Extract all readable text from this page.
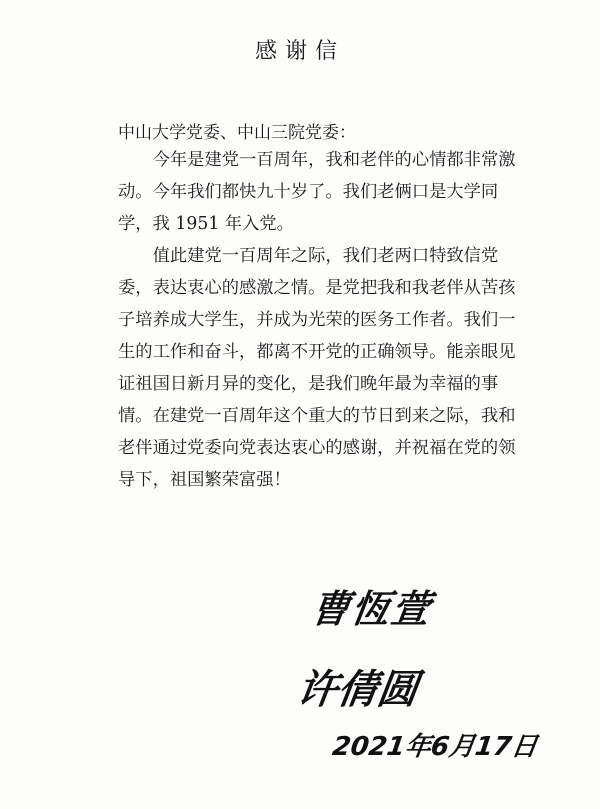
感谢信
中山大学党委、中山三院党委：

今年是建党一百周年，我和老伴的心情都非常激动。今年我们都快九十岁了。我们老俩口是大学同学，我 1951 年入党。

值此建党一百周年之际，我们老两口特致信党委，表达衷心的感激之情。是党把我和我老伴从苦孩子培养成大学生，并成为光荣的医务工作者。我们一生的工作和奋斗，都离不开党的正确领导。能亲眼见证祖国日新月异的变化，是我们晚年最为幸福的事情。在建党一百周年这个重大的节日到来之际，我和老伴通过党委向党表达衷心的感谢，并祝福在党的领导下，祖国繁荣富强！

曹恆萱
许倩圆
2021年6月17日
